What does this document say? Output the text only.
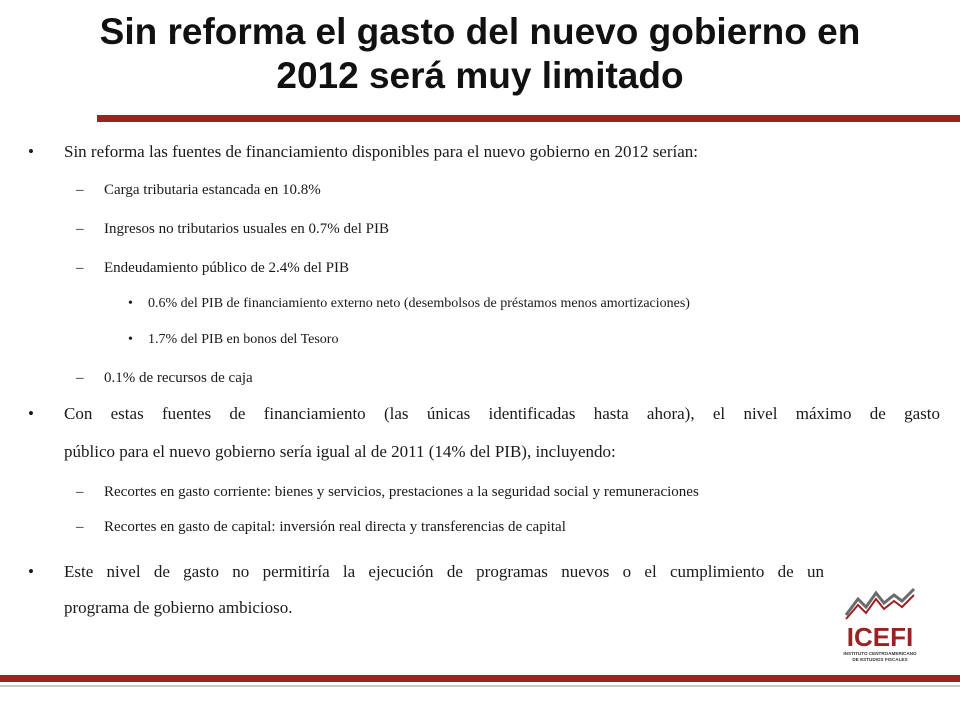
Sin reforma el gasto del nuevo gobierno en
2012 será muy limitado
• Sin reforma las fuentes de financiamiento disponibles para el nuevo gobierno en 2012 serían:
– Carga tributaria estancada en 10.8%
– Ingresos no tributarios usuales en 0.7% del PIB
– Endeudamiento público de 2.4% del PIB
• 0.6% del PIB de financiamiento externo neto (desembolsos de préstamos menos amortizaciones)
• 1.7% del PIB en bonos del Tesoro
– 0.1% de recursos de caja
• Con estas fuentes de financiamiento (las únicas identificadas hasta ahora), el nivel máximo de gasto
público para el nuevo gobierno sería igual al de 2011 (14% del PIB), incluyendo:
– Recortes en gasto corriente: bienes y servicios, prestaciones a la seguridad social y remuneraciones
– Recortes en gasto de capital: inversión real directa y transferencias de capital
• Este nivel de gasto no permitiría la ejecución de programas nuevos o el cumplimiento de un
programa de gobierno ambicioso.
ICEFI
INSTITUTO CENTROAMERICANO
DE ESTUDIOS FISCALES
